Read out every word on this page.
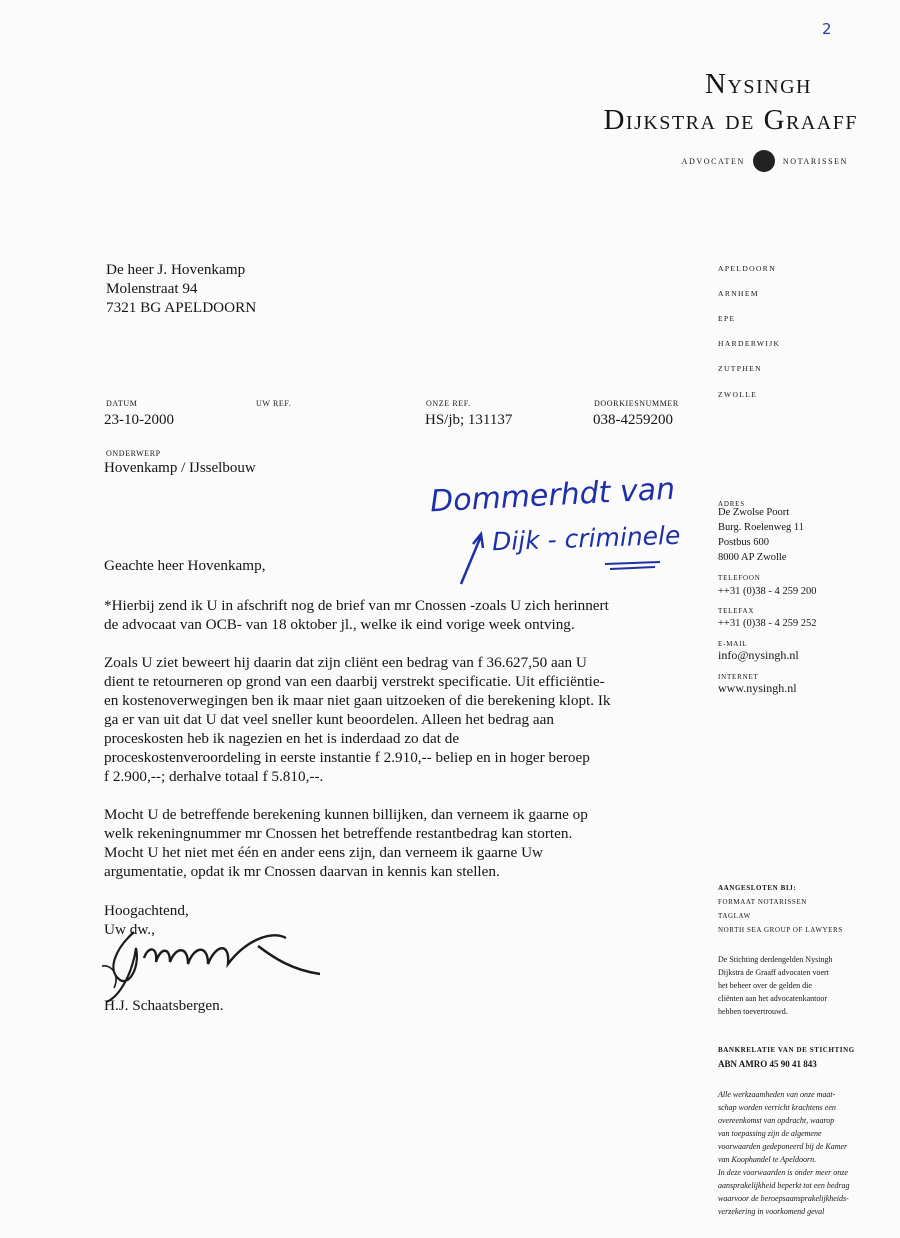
2
Nysingh
Dijkstra de Graaff
advocaten	notarissen
De heer J. Hovenkamp
Molenstraat 94
7321 BG APELDOORN
APELDOORN
ARNHEM
EPE
HARDERWIJK
ZUTPHEN
ZWOLLE
DATUM
23-10-2000
UW REF.	ONZE REF.
HS/jb; 131137
DOORKIESNUMMER
038-4259200
ONDERWERP
Hovenkamp / IJsselbouw
Dommerhdt van
Dijk - criminele
ADRES
De Zwolse Poort
Burg. Roelenweg 11
Postbus 600
8000 AP Zwolle
TELEFOON
++31 (0)38 - 4 259 200
TELEFAX
++31 (0)38 - 4 259 252
E-MAIL
info@nysingh.nl
INTERNET
www.nysingh.nl
Geachte heer Hovenkamp,

*Hierbij zend ik U in afschrift nog de brief van mr Cnossen -zoals U zich herinnert

de advocaat van OCB- van 18 oktober jl., welke ik eind vorige week ontving.

Zoals U ziet beweert hij daarin dat zijn cliënt een bedrag van f 36.627,50 aan U

dient te retourneren op grond van een daarbij verstrekt specificatie. Uit efficiëntie-

en kostenoverwegingen ben ik maar niet gaan uitzoeken of die berekening klopt. Ik

ga er van uit dat U dat veel sneller kunt beoordelen. Alleen het bedrag aan

proceskosten heb ik nagezien en het is inderdaad zo dat de

proceskostenveroordeling in eerste instantie f 2.910,-- beliep en in hoger beroep

f 2.900,--; derhalve totaal f 5.810,--.

Mocht U de betreffende berekening kunnen billijken, dan verneem ik gaarne op

welk rekeningnummer mr Cnossen het betreffende restantbedrag kan storten.

Mocht U het niet met één en ander eens zijn, dan verneem ik gaarne Uw

argumentatie, opdat ik mr Cnossen daarvan in kennis kan stellen.

Hoogachtend,
Uw dw.,
H.J. Schaatsbergen.
AANGESLOTEN BIJ:
FORMAAT NOTARISSEN
TAGLAW
NORTH SEA GROUP OF LAWYERS
De Stichting derdengelden Nysingh
Dijkstra de Graaff advocaten voert
het beheer over de gelden die
cliënten aan het advocatenkantoor
hebben toevertrouwd.
BANKRELATIE VAN DE STICHTING
ABN AMRO 45 90 41 843
Alle werkzaamheden van onze maat-
schap worden verricht krachtens een
overeenkomst van opdracht, waarop
van toepassing zijn de algemene
voorwaarden gedeponeerd bij de Kamer
van Koophandel te Apeldoorn.
In deze voorwaarden is onder meer onze
aansprakelijkheid beperkt tot een bedrag
waarvoor de beroepsaansprakelijkheids-
verzekering in voorkomend geval
